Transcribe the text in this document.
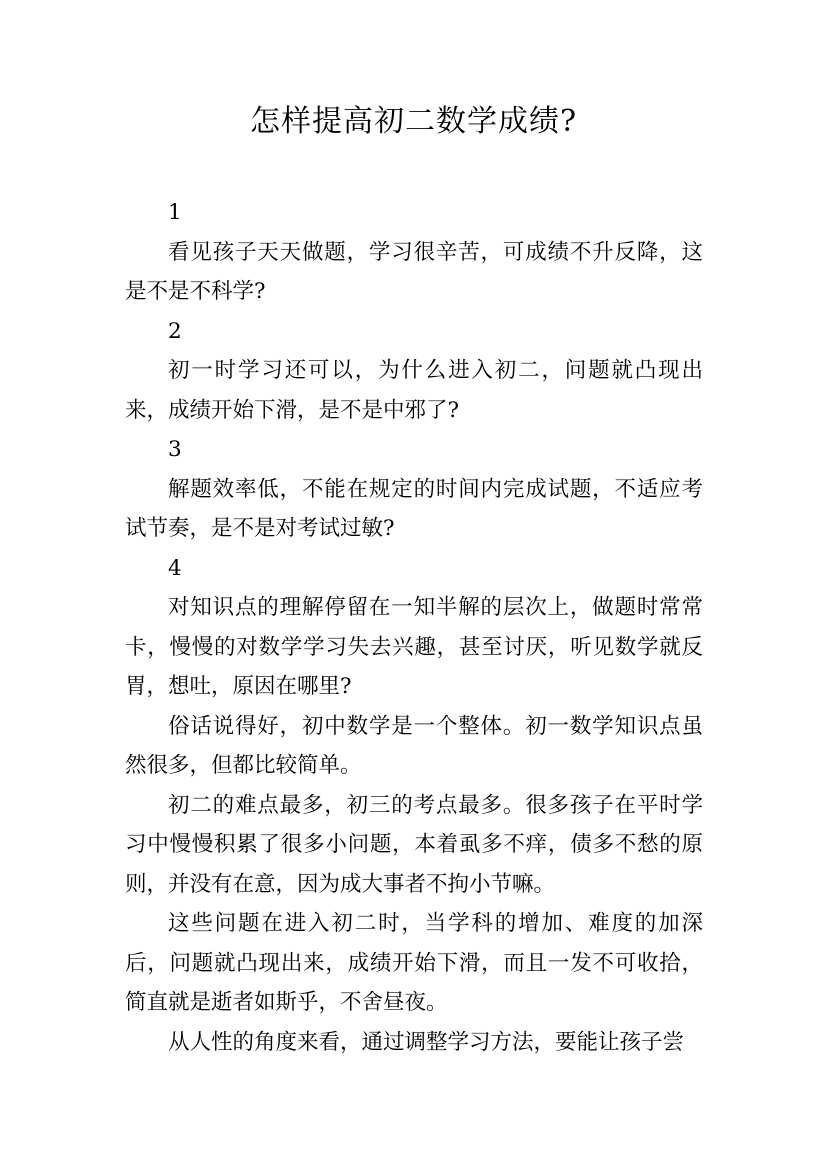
怎样提高初二数学成绩?

1

看见孩子天天做题，学习很辛苦，可成绩不升反降，这是不是不科学?

2

初一时学习还可以，为什么进入初二，问题就凸现出来，成绩开始下滑，是不是中邪了?

3

解题效率低，不能在规定的时间内完成试题，不适应考试节奏，是不是对考试过敏?

4

对知识点的理解停留在一知半解的层次上，做题时常常卡，慢慢的对数学学习失去兴趣，甚至讨厌，听见数学就反胃，想吐，原因在哪里?

俗话说得好，初中数学是一个整体。初一数学知识点虽然很多，但都比较简单。

初二的难点最多，初三的考点最多。很多孩子在平时学习中慢慢积累了很多小问题，本着虱多不痒，债多不愁的原则，并没有在意，因为成大事者不拘小节嘛。

这些问题在进入初二时，当学科的增加、难度的加深后，问题就凸现出来，成绩开始下滑，而且一发不可收拾，简直就是逝者如斯乎，不舍昼夜。

从人性的角度来看，通过调整学习方法，要能让孩子尝
